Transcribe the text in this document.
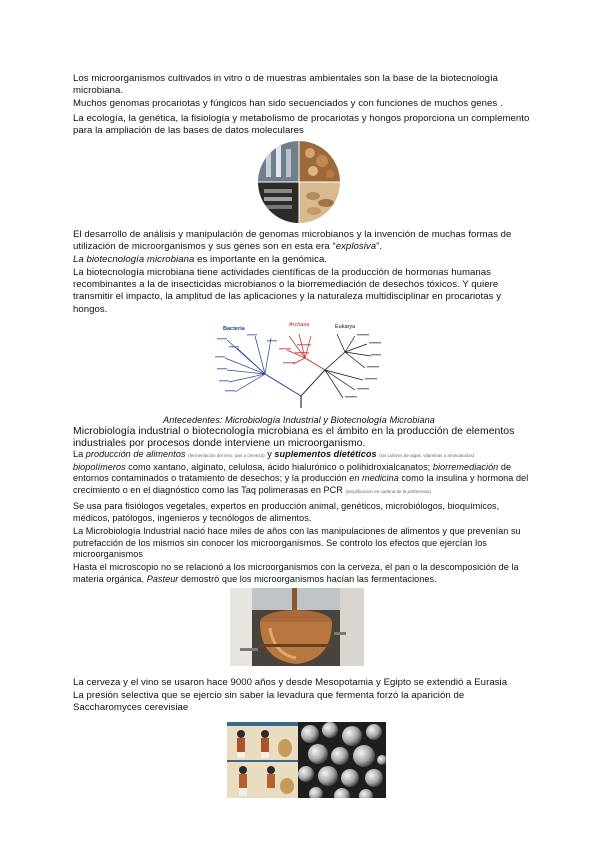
Los microorganismos cultivados in vitro o de muestras ambientales son la base de la biotecnología microbiana.
Muchos genomas procariotas y fúngicos han sido secuenciados y con funciones de muchos genes .
La ecología, la genética, la fisiología y metabolismo de procariotas y hongos proporciona un complemento para la ampliación de las bases de datos moleculares
El desarrollo de análisis y manipulación de genomas microbianos y la invención de muchas formas de utilización de microorganismos y sus genes son en esta era “explosiva”.
La biotecnología microbiana es importante en la genómica.
La biotecnología microbiana tiene actividades científicas de la producción de hormonas humanas recombinantes a la de insecticidas microbianos o la biorremediación de desechos tóxicos. Y quiere transmitir el impacto, la amplitud de las aplicaciones y la naturaleza multidisciplinar en procariotas y hongos.
Bacteria
Archaea	Eukarya
Antecedentes: Microbiología Industrial y Biotecnología Microbiana
Microbiología industrial o biotecnología microbiana es el ámbito en la producción de elementos industriales por procesos donde interviene un microorganismo.
La producción de alimentos (fermentación del vino, pan o cerveza) y suplementos dietéticos (los cultivos de algas, vitaminas o aminoácidos)
biopolímeros como xantano, alginato, celulosa, ácido hialurónico o polihidroxialcanatos; biorremediación de entornos contaminados o tratamiento de desechos; y la producción en medicina como la insulina y hormona del crecimiento o en el diagnóstico como las Taq polimerasas en PCR (amplificación en cadena de la polimerasa)
Se usa para fisiólogos vegetales, expertos en producción animal, genéticos, microbiólogos, bioquímicos, médicos, patólogos, ingenieros y tecnólogos de alimentos.
La Microbiología Industrial nació hace miles de años con las manipulaciones de alimentos y que prevenían su putrefacción de los mismos sin conocer los microorganismos. Se controlo los efectos que ejercían los microorganismos
Hasta el microscopio no se relacionó a los microorganismos con la cerveza, el pan o la descomposición de la materia orgánica. Pasteur demostró que los microorganismos hacían las fermentaciones.
La cerveza y el vino se usaron hace 9000 años y desde Mesopotamia y Egipto se extendió a Eurasia
La presión selectiva que se ejercio sin saber la levadura que fermenta forzó la aparición de Saccharomyces cerevisiae
